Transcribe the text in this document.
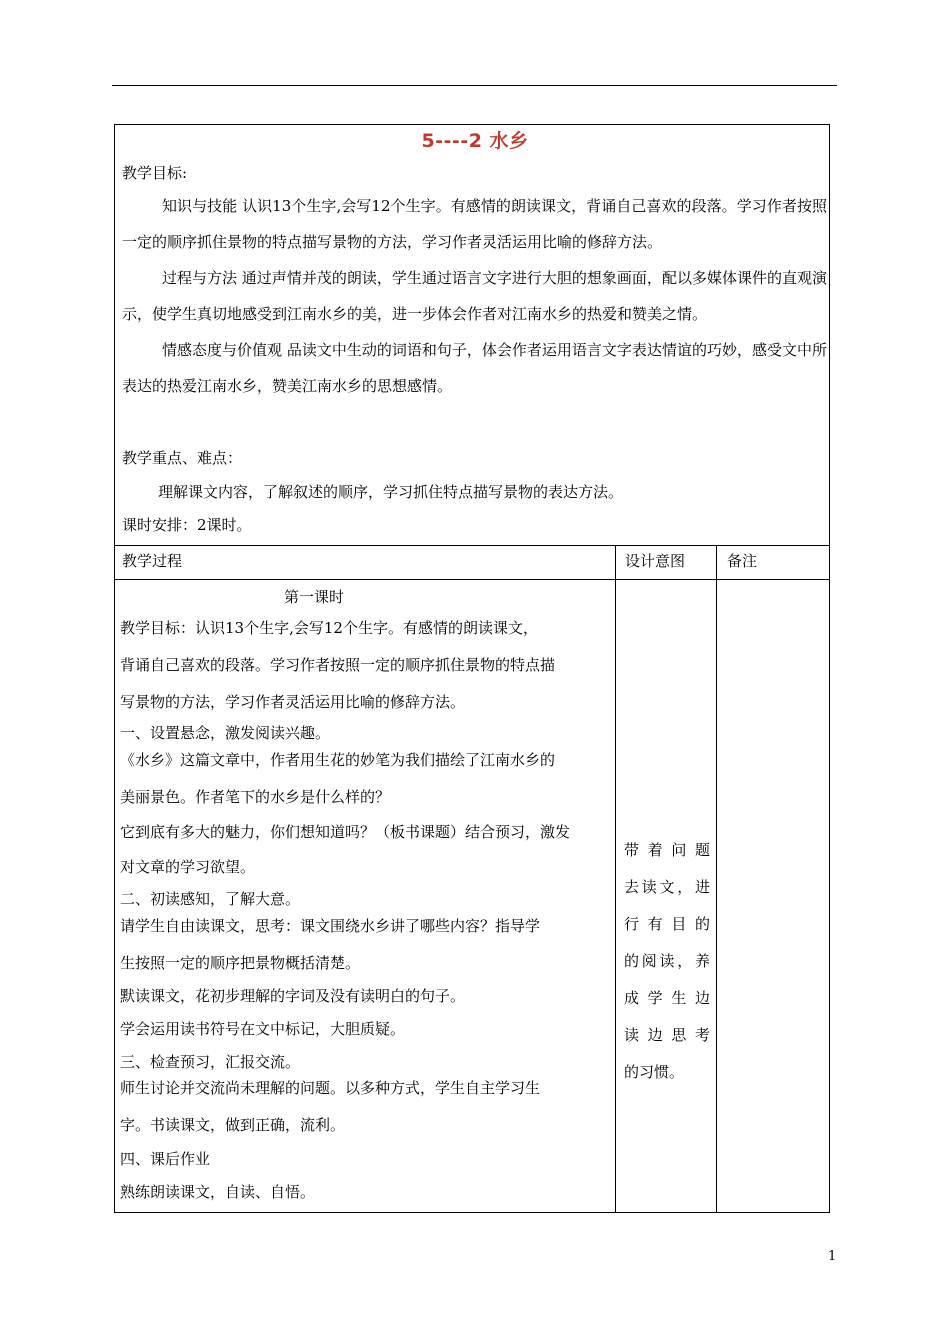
5----2 水乡
教学目标:

知识与技能 认识13个生字,会写12个生字。有感情的朗读课文，背诵自己喜欢的段落。学习作者按照一定的顺序抓住景物的特点描写景物的方法，学习作者灵活运用比喻的修辞方法。

过程与方法 通过声情并茂的朗读，学生通过语言文字进行大胆的想象画面，配以多媒体课件的直观演示，使学生真切地感受到江南水乡的美，进一步体会作者对江南水乡的热爱和赞美之情。

情感态度与价值观 品读文中生动的词语和句子，体会作者运用语言文字表达情谊的巧妙，感受文中所表达的热爱江南水乡，赞美江南水乡的思想感情。

教学重点、难点：
理解课文内容，了解叙述的顺序，学习抓住特点描写景物的表达方法。
课时安排：2课时。
教学过程	设计意图	备注
第一课时
教学目标：认识13个生字,会写12个生字。有感情的朗读课文，
背诵自己喜欢的段落。学习作者按照一定的顺序抓住景物的特点描
写景物的方法，学习作者灵活运用比喻的修辞方法。
一、设置悬念，激发阅读兴趣。
《水乡》这篇文章中，作者用生花的妙笔为我们描绘了江南水乡的
美丽景色。作者笔下的水乡是什么样的？
它到底有多大的魅力，你们想知道吗？（板书课题）结合预习，激发
对文章的学习欲望。
二、初读感知，了解大意。
请学生自由读课文，思考：课文围绕水乡讲了哪些内容？指导学
生按照一定的顺序把景物概括清楚。
默读课文，花初步理解的字词及没有读明白的句子。
学会运用读书符号在文中标记，大胆质疑。
三、检查预习，汇报交流。
师生讨论并交流尚未理解的问题。以多种方式，学生自主学习生
字。书读课文，做到正确，流利。
四、课后作业
熟练朗读课文，自读、自悟。
带着问题
去读文，进
行有目的
的阅读，养
成学生边
读边思考
的习惯。
1
